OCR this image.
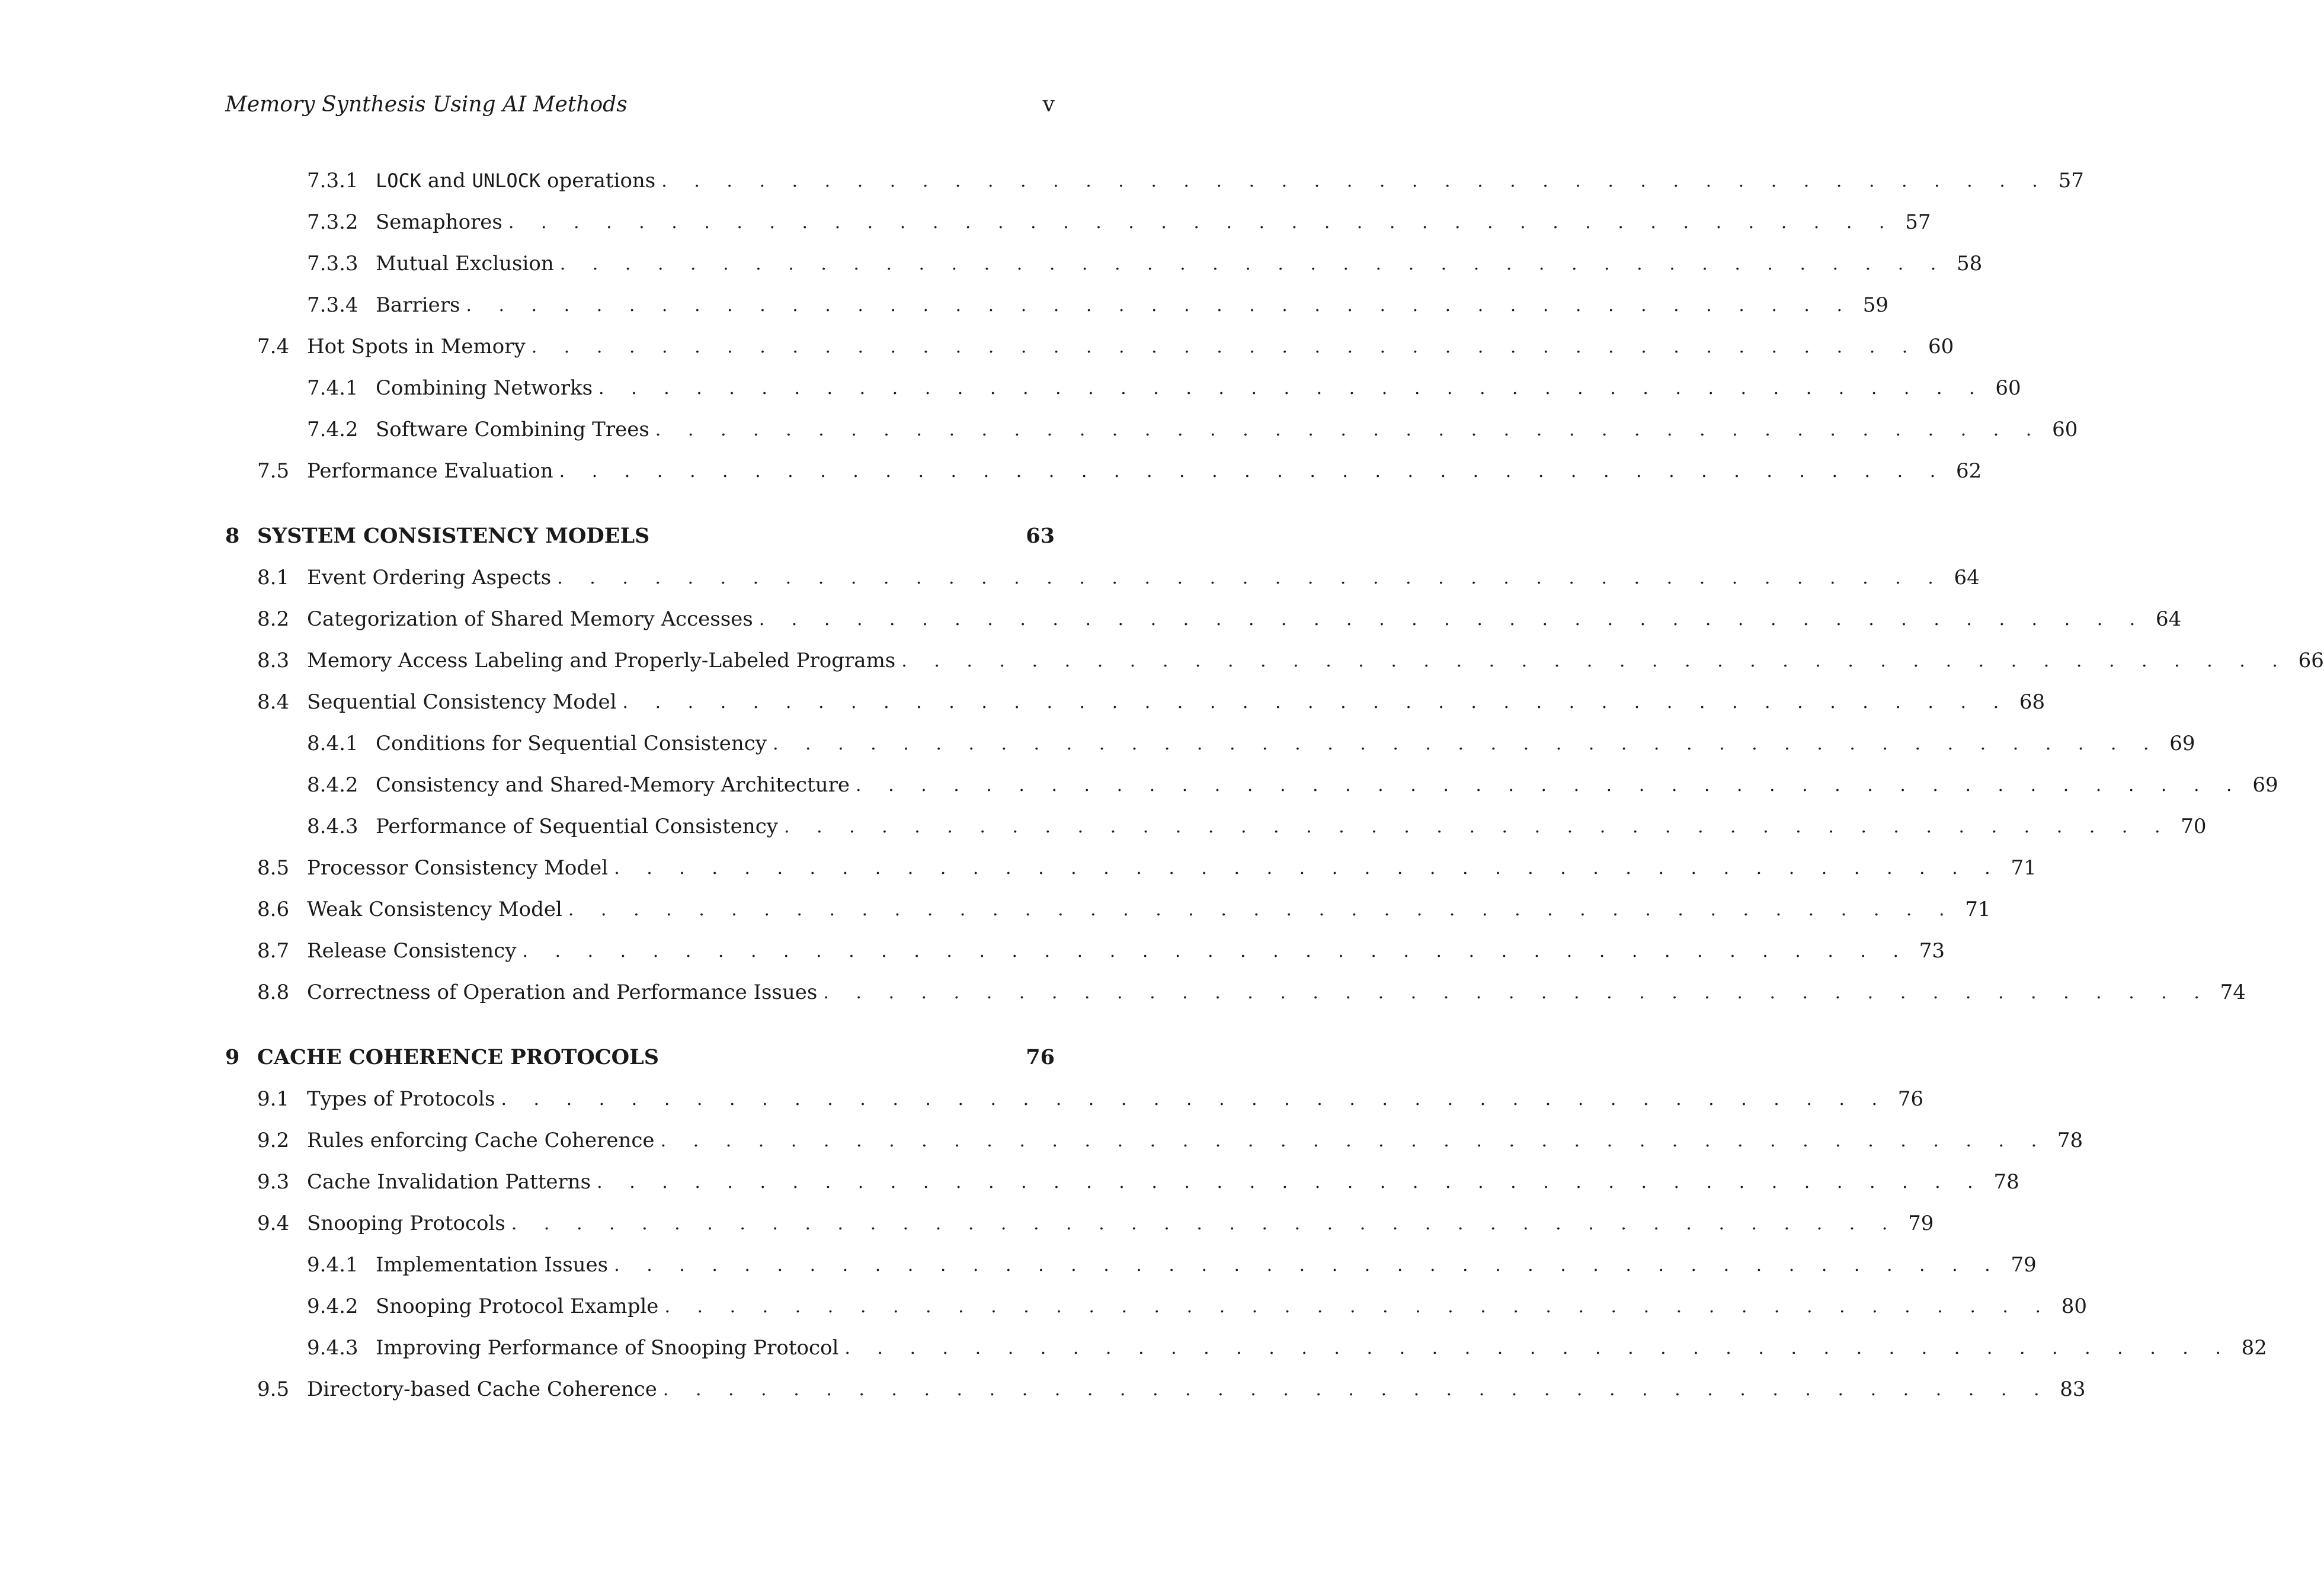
Memory Synthesis Using AI Methods	v
7.3.1 LOCK and UNLOCK operations . . . . . . . . . . . . . . . . . . . . . . . . . . . . . . . . . . . . . . . . . . . 57
7.3.2 Semaphores . . . . . . . . . . . . . . . . . . . . . . . . . . . . . . . . . . . . . . . . . . . 57
7.3.3 Mutual Exclusion . . . . . . . . . . . . . . . . . . . . . . . . . . . . . . . . . . . . . . . . . . . 58
7.3.4 Barriers . . . . . . . . . . . . . . . . . . . . . . . . . . . . . . . . . . . . . . . . . . . 59
7.4 Hot Spots in Memory . . . . . . . . . . . . . . . . . . . . . . . . . . . . . . . . . . . . . . . . . . . 60
7.4.1 Combining Networks . . . . . . . . . . . . . . . . . . . . . . . . . . . . . . . . . . . . . . . . . . . 60
7.4.2 Software Combining Trees . . . . . . . . . . . . . . . . . . . . . . . . . . . . . . . . . . . . . . . . . . . 60
7.5 Performance Evaluation . . . . . . . . . . . . . . . . . . . . . . . . . . . . . . . . . . . . . . . . . . . 62
8 SYSTEM CONSISTENCY MODELS	63
8.1 Event Ordering Aspects . . . . . . . . . . . . . . . . . . . . . . . . . . . . . . . . . . . . . . . . . . . 64
8.2 Categorization of Shared Memory Accesses . . . . . . . . . . . . . . . . . . . . . . . . . . . . . . . . . . . . . . . . . . . 64
8.3 Memory Access Labeling and Properly-Labeled Programs . . . . . . . . . . . . . . . . . . . . . . . . . . . . . . . . . . . . . . . . . . . 66
8.4 Sequential Consistency Model . . . . . . . . . . . . . . . . . . . . . . . . . . . . . . . . . . . . . . . . . . . 68
8.4.1 Conditions for Sequential Consistency . . . . . . . . . . . . . . . . . . . . . . . . . . . . . . . . . . . . . . . . . . . 69
8.4.2 Consistency and Shared-Memory Architecture . . . . . . . . . . . . . . . . . . . . . . . . . . . . . . . . . . . . . . . . . . . 69
8.4.3 Performance of Sequential Consistency . . . . . . . . . . . . . . . . . . . . . . . . . . . . . . . . . . . . . . . . . . . 70
8.5 Processor Consistency Model . . . . . . . . . . . . . . . . . . . . . . . . . . . . . . . . . . . . . . . . . . . 71
8.6 Weak Consistency Model . . . . . . . . . . . . . . . . . . . . . . . . . . . . . . . . . . . . . . . . . . . 71
8.7 Release Consistency . . . . . . . . . . . . . . . . . . . . . . . . . . . . . . . . . . . . . . . . . . . 73
8.8 Correctness of Operation and Performance Issues . . . . . . . . . . . . . . . . . . . . . . . . . . . . . . . . . . . . . . . . . . . 74
9 CACHE COHERENCE PROTOCOLS	76
9.1 Types of Protocols . . . . . . . . . . . . . . . . . . . . . . . . . . . . . . . . . . . . . . . . . . . 76
9.2 Rules enforcing Cache Coherence . . . . . . . . . . . . . . . . . . . . . . . . . . . . . . . . . . . . . . . . . . . 78
9.3 Cache Invalidation Patterns . . . . . . . . . . . . . . . . . . . . . . . . . . . . . . . . . . . . . . . . . . . 78
9.4 Snooping Protocols . . . . . . . . . . . . . . . . . . . . . . . . . . . . . . . . . . . . . . . . . . . 79
9.4.1 Implementation Issues . . . . . . . . . . . . . . . . . . . . . . . . . . . . . . . . . . . . . . . . . . . 79
9.4.2 Snooping Protocol Example . . . . . . . . . . . . . . . . . . . . . . . . . . . . . . . . . . . . . . . . . . . 80
9.4.3 Improving Performance of Snooping Protocol . . . . . . . . . . . . . . . . . . . . . . . . . . . . . . . . . . . . . . . . . . . 82
9.5 Directory-based Cache Coherence . . . . . . . . . . . . . . . . . . . . . . . . . . . . . . . . . . . . . . . . . . . 83
